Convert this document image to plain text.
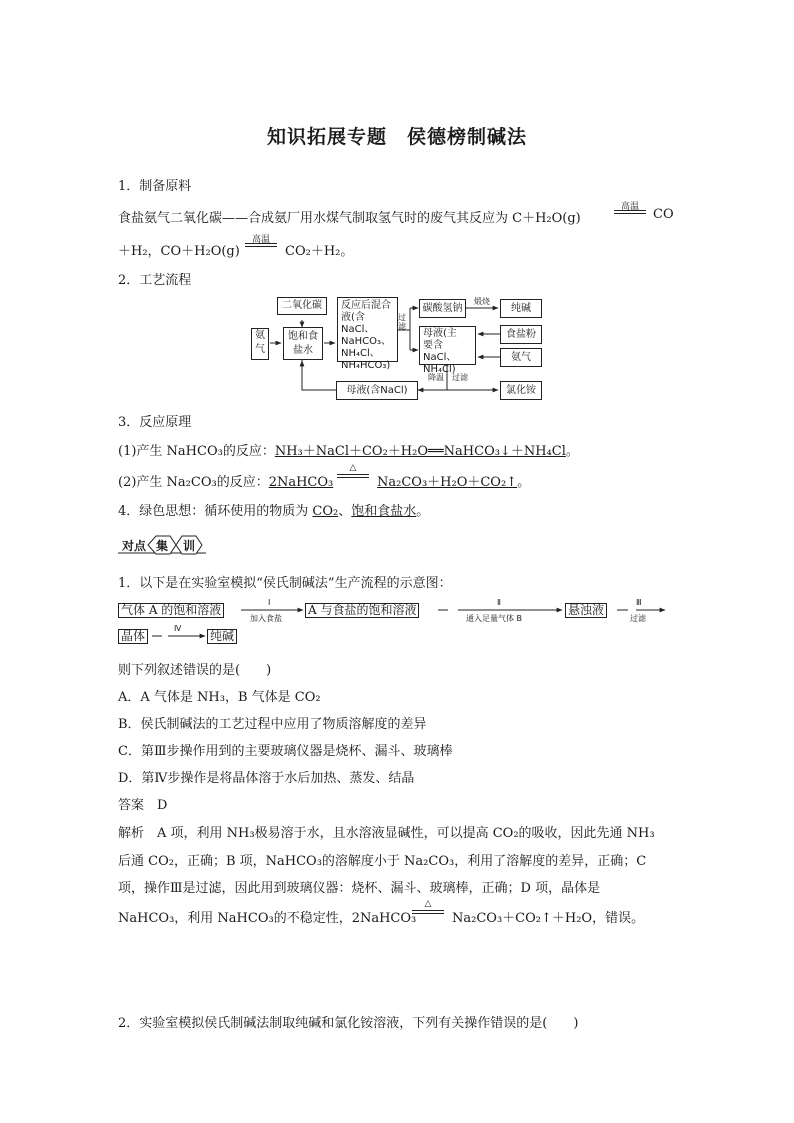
知识拓展专题　侯德榜制碱法
1．制备原料
食盐氨气二氧化碳——合成氨厂用水煤气制取氢气时的废气其反应为 C＋H₂O(g)
高温	CO
＋H₂，CO＋H₂O(g)
高温
CO₂＋H₂。
2．工艺流程
二氧化碳
氨气
饱和食盐水
反应后混合
液(含NaCl、
NaHCO₃、
NH₄Cl、
NH₄HCO₃)
过滤
碳酸氢钠
煅烧
纯碱
母液(主
要含NaCl、
NH₄Cl)
食盐粉
氨气
降温　过滤
母液(含NaCl)	氯化铵
3．反应原理
(1)产生 NaHCO₃的反应：NH₃＋NaCl＋CO₂＋H₂O══NaHCO₃↓＋NH₄Cl。
(2)产生 Na₂CO₃的反应：2NaHCO₃
△
Na₂CO₃＋H₂O＋CO₂↑。
4．绿色思想：循环使用的物质为 CO₂、饱和食盐水。
对点 集 训
1．以下是在实验室模拟“侯氏制碱法”生产流程的示意图：
气体 A 的饱和溶液
Ⅰ
加入食盐
A 与食盐的饱和溶液
Ⅱ
通入足量气体 B
悬浊液
Ⅲ
过滤
晶体
Ⅳ
纯碱
则下列叙述错误的是(　　)
A．A 气体是 NH₃，B 气体是 CO₂
B．侯氏制碱法的工艺过程中应用了物质溶解度的差异
C．第Ⅲ步操作用到的主要玻璃仪器是烧杯、漏斗、玻璃棒
D．第Ⅳ步操作是将晶体溶于水后加热、蒸发、结晶
答案　D
解析　A 项，利用 NH₃极易溶于水，且水溶液显碱性，可以提高 CO₂的吸收，因此先通 NH₃
后通 CO₂，正确；B 项，NaHCO₃的溶解度小于 Na₂CO₃，利用了溶解度的差异，正确；C
项，操作Ⅲ是过滤，因此用到玻璃仪器：烧杯、漏斗、玻璃棒，正确；D 项，晶体是
NaHCO₃，利用 NaHCO₃的不稳定性，2NaHCO₃
△
Na₂CO₃＋CO₂↑＋H₂O，错误。
2．实验室模拟侯氏制碱法制取纯碱和氯化铵溶液，下列有关操作错误的是(　　)
